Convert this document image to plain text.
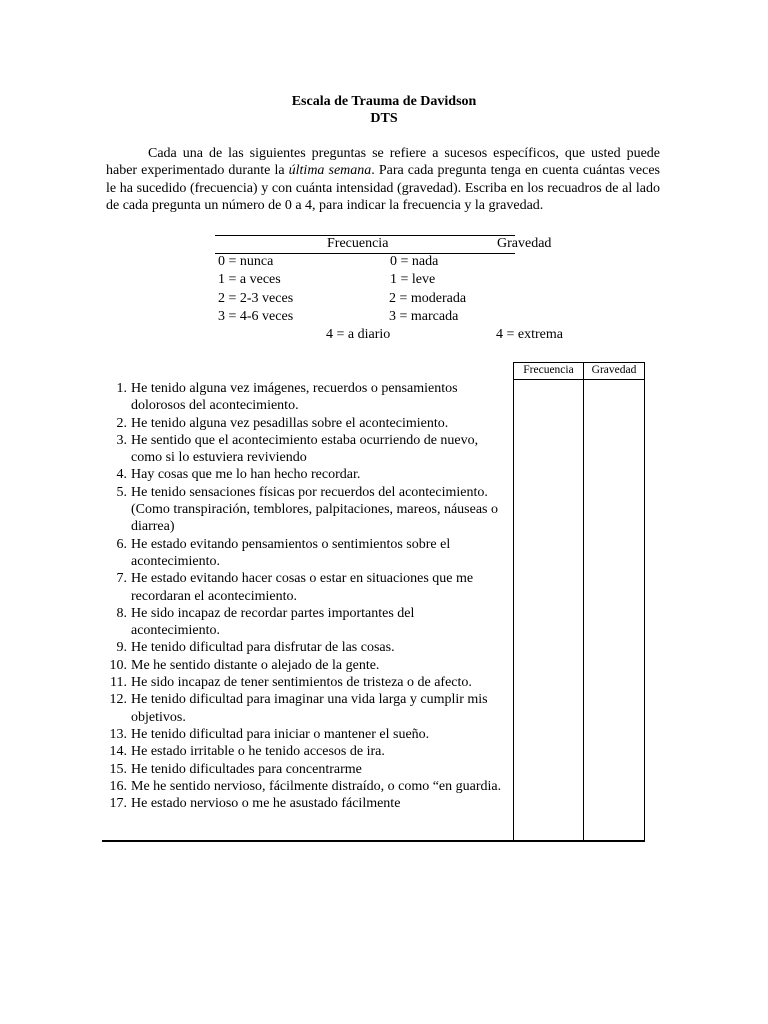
Escala de Trauma de Davidson
DTS
Cada una de las siguientes preguntas se refiere a sucesos específicos, que usted puede haber experimentado durante la última semana. Para cada pregunta tenga en cuenta cuántas veces le ha sucedido (frecuencia) y con cuánta intensidad (gravedad). Escriba en los recuadros de al lado de cada pregunta un número de 0 a 4, para indicar la frecuencia y la gravedad.
Frecuencia	Gravedad
0 = nunca
1 = a veces
2 = 2-3 veces
3 = 4-6 veces
4 = a diario
0 = nada
1 = leve
2 = moderada
3 = marcada
4 = extrema
Frecuencia	Gravedad
1. He tenido alguna vez imágenes, recuerdos o pensamientos dolorosos del acontecimiento.
2. He tenido alguna vez pesadillas sobre el acontecimiento.
3. He sentido que el acontecimiento estaba ocurriendo de nuevo, como si lo estuviera reviviendo
4. Hay cosas que me lo han hecho recordar.
5. He tenido sensaciones físicas por recuerdos del acontecimiento. (Como transpiración, temblores, palpitaciones, mareos, náuseas o diarrea)
6. He estado evitando pensamientos o sentimientos sobre el acontecimiento.
7. He estado evitando hacer cosas o estar en situaciones que me recordaran el acontecimiento.
8. He sido incapaz de recordar partes importantes del acontecimiento.
9. He tenido dificultad para disfrutar de las cosas.
10. Me he sentido distante o alejado de la gente.
11. He sido incapaz de tener sentimientos de tristeza o de afecto.
12. He tenido dificultad para imaginar una vida larga y cumplir mis objetivos.
13. He tenido dificultad para iniciar o mantener el sueño.
14. He estado irritable o he tenido accesos de ira.
15. He tenido dificultades para concentrarme
16. Me he sentido nervioso, fácilmente distraído, o como “en guardia.
17. He estado nervioso o me he asustado fácilmente
